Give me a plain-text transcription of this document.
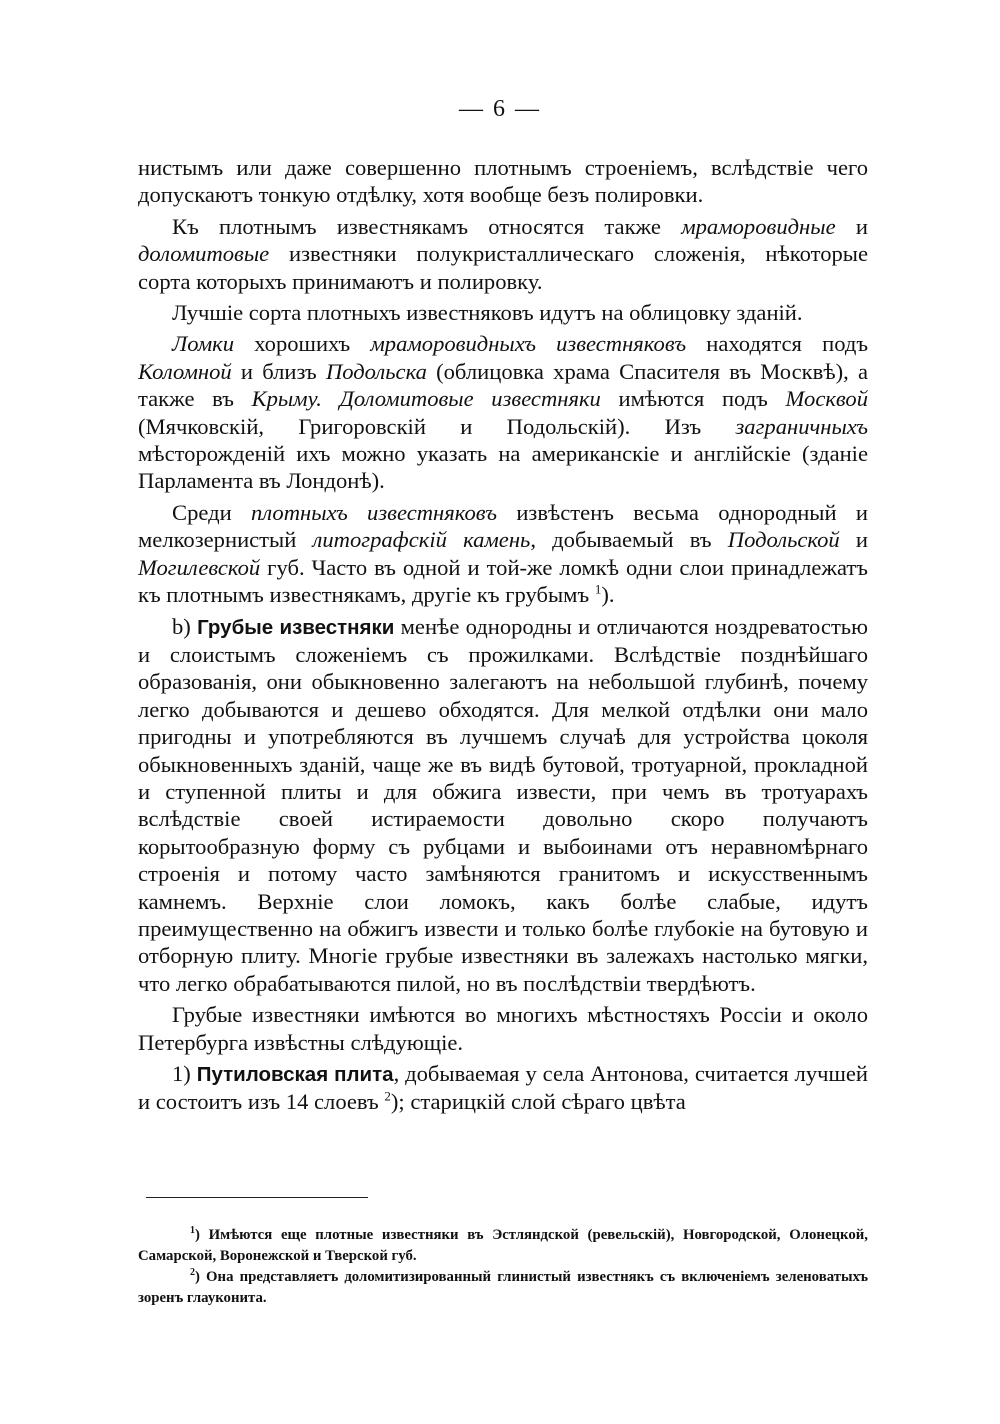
— 6 —

нистымъ или даже совершенно плотнымъ строеніемъ, вслѣдствіе чего допускаютъ тонкую отдѣлку, хотя вообще безъ полировки.

Къ плотнымъ известнякамъ относятся также мраморовидные и доломитовые известняки полукристаллическаго сложенія, нѣкоторые сорта которыхъ принимаютъ и полировку.

Лучшіе сорта плотныхъ известняковъ идутъ на облицовку зданій.

Ломки хорошихъ мраморовидныхъ известняковъ находятся подъ Коломной и близъ Подольска (облицовка храма Спасителя въ Москвѣ), а также въ Крыму. Доломитовые известняки имѣются подъ Москвой (Мячковскій, Григоровскій и Подольскій). Изъ заграничныхъ мѣсторожденій ихъ можно указать на американскіе и англійскіе (зданіе Парламента въ Лондонѣ).

Среди плотныхъ известняковъ извѣстенъ весьма однородный и мелкозернистый литографскій камень, добываемый въ Подольской и Могилевской губ. Часто въ одной и той-же ломкѣ одни слои принадлежатъ къ плотнымъ известнякамъ, другіе къ грубымъ $^1$).

b) Грубые известняки менѣе однородны и отличаются ноздреватостью и слоистымъ сложеніемъ съ прожилками. Вслѣдствіе позднѣйшаго образованія, они обыкновенно залегаютъ на небольшой глубинѣ, почему легко добываются и дешево обходятся. Для мелкой отдѣлки они мало пригодны и употребляются въ лучшемъ случаѣ для устройства цоколя обыкновенныхъ зданій, чаще же въ видѣ бутовой, тротуарной, прокладной и ступенной плиты и для обжига извести, при чемъ въ тротуарахъ вслѣдствіе своей истираемости довольно скоро получаютъ корытообразную форму съ рубцами и выбоинами отъ неравномѣрнаго строенія и потому часто замѣняются гранитомъ и искусственнымъ камнемъ. Верхніе слои ломокъ, какъ болѣе слабые, идутъ преимущественно на обжигъ извести и только болѣе глубокіе на бутовую и отборную плиту. Многіе грубые известняки въ залежахъ настолько мягки, что легко обрабатываются пилой, но въ послѣдствіи твердѣютъ.

Грубые известняки имѣются во многихъ мѣстностяхъ Россіи и около Петербурга извѣстны слѣдующіе.

1) Путиловская плита, добываемая у села Антонова, считается лучшей и состоитъ изъ 14 слоевъ $^2$); старицкій слой сѣраго цвѣта

$^1$) Имѣются еще плотные известняки въ Эстляндской (ревельскій), Новгородской, Олонецкой, Самарской, Воронежской и Тверской губ.

$^2$) Она представляетъ доломитизированный глинистый известнякъ съ включеніемъ зеленоватыхъ зоренъ глауконита.
